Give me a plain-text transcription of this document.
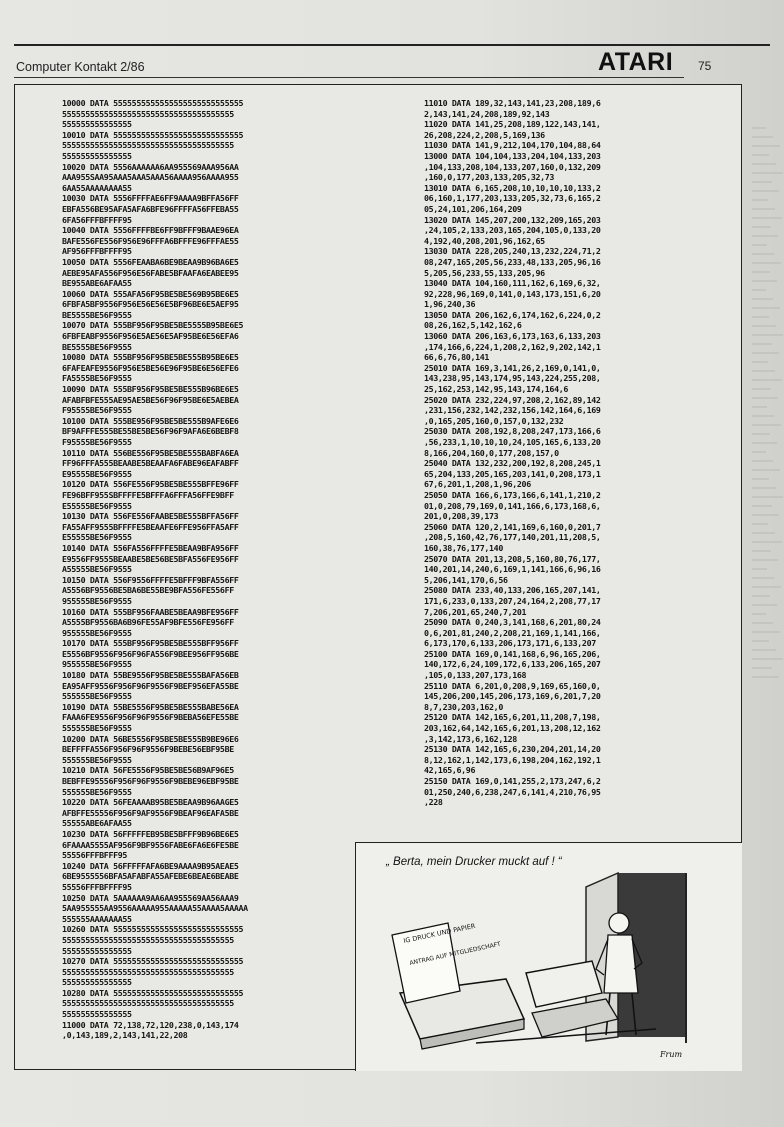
Computer Kontakt 2/86	ATARI 75
10000 DATA 5555555555555555555555555555
5555555555555555555555555555555555555
555555555555555
10010 DATA 5555555555555555555555555555
5555555555555555555555555555555555555
555555555555555
10020 DATA 5556AAAAAA6AA955569AAA956AA
AAA955SAA95AAA5AAA5AAA56AAAA956AAAA955
6AA55AAAAAAAA55
10030 DATA 5556FFFFAE6FF9AAAA9BFFA56FF
EBFA556BE95AFA5AFA6BFE96FFFFA56FFEBA55
6FA56FFFBFFFF95
10040 DATA 5556FFFFBE6FF9BFFF9BAAE96EA
BAFE556FE556F956E96FFFA6BFFFE96FFFAE55
AF956FFFBFFFF95
10050 DATA 5556FEAABA6BE9BEAA9B96BA6E5
AEBE95AFA556F956E56FABE5BFAAFA6EABEE95
BE955ABE6AFAA55
10060 DATA 555AFA56F95BE5BE569B95BE6E5
6FBFA5BF9556F956E56E56E5BF96BE6E5AEF95
BE5555BE56F9555
10070 DATA 555BF956F95BE5BE5555B95BE6E5
6FBFEABF9556F956E5AE56E5AF95BE6E56EFA6
BE5555BE56F9555
10080 DATA 555BF956F95BE5BE555B95BE6E5
6FAFEAFE9556F956E5BE56E96F95BE6E56EFE6
FA5555BE56F9555
10090 DATA 555BF956F95BE5BE555B96BE6E5
AFABFBFE555AE95AE5BE56F96F95BE6E5AEBEA
F95555BE56F9555
10100 DATA 555BE956F95BE5BE555B9AFE6E6
BF9AFFFE555BE55BE5BE56F96F9AFA6E6BEBF8
F95555BE56F9555
10110 DATA 556BE556F95BE5BE555BABFA6EA
FF96FFFA555BEAABE5BEAAFA6FABE96EAFABFF
E95555BE56F9555
10120 DATA 556FE556F95BE5BE555BFFE96FF
FE96BFF955SBFFFFE5BFFFA6FFFA56FFE9BFF
E55555BE56F9555
10130 DATA 556FE556FAABE5BE555BFFA56FF
FA55AFF9555BFFFFE5BEAAFE6FFE956FFA5AFF
E55555BE56F9555
10140 DATA 556FA556FFFFE5BEAA9BFA956FF
E9556FF9555BEAABE5BE56BE5BFA556FE956FF
A55555BE56F9555
10150 DATA 556F9556FFFFE5BFFF9BFA556FF
A5556BF9556BE5BA6BE55BE9BFA556FE556FF
955555BE56F9555
10160 DATA 555BF956FAABE5BEAA9BFE956FF
A5555BF9556BA6B96FE55AF9BFE556FE956FF
955555BE56F9555
10170 DATA 555BF956F95BE5BE555BFF956FF
E5556BF9556F956F96FA556F9BEE956FF956BE
955555BE56F9555
10180 DATA 55BE9556F95BE5BE555BAFA56EB
EA95AFF9556F956F96F9556F9BEF956EFA55BE
555555BE56F9555
10190 DATA 55BE5556F95BE5BE555BABE56EA
FAAA6FE9556F956F96F9556F9BEBA56EFE55BE
555555BE56F9555
10200 DATA 56BE5556F95BE5BE555B9BE96E6
BEFFFFA556F956F96F9556F9BEBE56EBF95BE
555555BE56F9555
10210 DATA 56FE5556F95BE5BE56B9AF96E5
BEBFFE95556F956F96F9556F9BEBE96EBF95BE
555555BE56F9555
10220 DATA 56FEAAAAB95BE5BEAA9B96AAGE5
AFBFFE55556F956F9AF9556F9BEAF96EAFA5BE
55555ABE6AFAA55
10230 DATA 56FFFFFEB95BE5BFFF9B96BE6E5
6FAAAA5555AF956F9BF9556FABE6FA6E6FE5BE
55556FFFBFFF95
10240 DATA 56FFFFFAFA6BE9AAAA9B95AEAE5
6BE9555556BFA5AFABFA55AFEBE6BEAE6BEABE
55556FFFBFFFF95
10250 DATA 5AAAAAA9AA6AA955569AA56AAA9
5AA955555AA9556AAAAA955AAAAA55AAAA5AAAAA
555555AAAAAAA55
10260 DATA 5555555555555555555555555555
5555555555555555555555555555555555555
555555555555555
10270 DATA 5555555555555555555555555555
5555555555555555555555555555555555555
555555555555555
10280 DATA 5555555555555555555555555555
5555555555555555555555555555555555555
555555555555555
11000 DATA 72,138,72,120,238,0,143,174
,0,143,189,2,143,141,22,208
11010 DATA 189,32,143,141,23,208,189,6
2,143,141,24,208,189,92,143
11020 DATA 141,25,208,189,122,143,141,
26,208,224,2,208,5,169,136
11030 DATA 141,9,212,104,170,104,88,64
13000 DATA 104,104,133,204,104,133,203
,104,133,208,104,133,207,160,0,132,209
,160,0,177,203,133,205,32,73
13010 DATA 6,165,208,10,10,10,10,133,2
06,160,1,177,203,133,205,32,73,6,165,2
05,24,101,206,164,209
13020 DATA 145,207,200,132,209,165,203
,24,105,2,133,203,165,204,105,0,133,20
4,192,40,208,201,96,162,65
13030 DATA 228,205,240,13,232,224,71,2
08,247,165,205,56,233,48,133,205,96,16
5,205,56,233,55,133,205,96
13040 DATA 104,160,111,162,6,169,6,32,
92,228,96,169,0,141,0,143,173,151,6,20
1,96,240,36
13050 DATA 206,162,6,174,162,6,224,0,2
08,26,162,5,142,162,6
13060 DATA 206,163,6,173,163,6,133,203
,174,166,6,224,1,208,2,162,9,202,142,1
66,6,76,80,141
25010 DATA 169,3,141,26,2,169,0,141,0,
143,238,95,143,174,95,143,224,255,208,
25,162,253,142,95,143,174,164,6
25020 DATA 232,224,97,208,2,162,89,142
,231,156,232,142,232,156,142,164,6,169
,0,165,205,160,0,157,0,132,232
25030 DATA 208,192,8,208,247,173,166,6
,56,233,1,10,10,10,24,105,165,6,133,20
8,166,204,160,0,177,208,157,0
25040 DATA 132,232,200,192,8,208,245,1
65,204,133,205,165,203,141,0,208,173,1
67,6,201,1,208,1,96,206
25050 DATA 166,6,173,166,6,141,1,210,2
01,0,208,79,169,0,141,166,6,173,168,6,
201,0,208,39,173
25060 DATA 120,2,141,169,6,160,0,201,7
,208,5,160,42,76,177,140,201,11,208,5,
160,38,76,177,140
25070 DATA 201,13,208,5,160,80,76,177,
140,201,14,240,6,169,1,141,166,6,96,16
5,206,141,170,6,56
25080 DATA 233,40,133,206,165,207,141,
171,6,233,0,133,207,24,164,2,208,77,17
7,206,201,65,240,7,201
25090 DATA 0,240,3,141,168,6,201,80,24
0,6,201,81,240,2,208,21,169,1,141,166,
6,173,170,6,133,206,173,171,6,133,207
25100 DATA 169,0,141,168,6,96,165,206,
140,172,6,24,109,172,6,133,206,165,207
,105,0,133,207,173,168
25110 DATA 6,201,0,208,9,169,65,160,0,
145,206,200,145,206,173,169,6,201,7,20
8,7,230,203,162,0
25120 DATA 142,165,6,201,11,208,7,198,
203,162,64,142,165,6,201,13,208,12,162
,3,142,173,6,162,128
25130 DATA 142,165,6,230,204,201,14,20
8,12,162,1,142,173,6,198,204,162,192,1
42,165,6,96
25150 DATA 169,0,141,255,2,173,247,6,2
01,250,240,6,238,247,6,141,4,210,76,95
,228
IG DRUCK UND PAPIER
ANTRAG AUF MITGLIEDSCHAFT
Frum
„ Berta, mein Drucker muckt auf ! “
